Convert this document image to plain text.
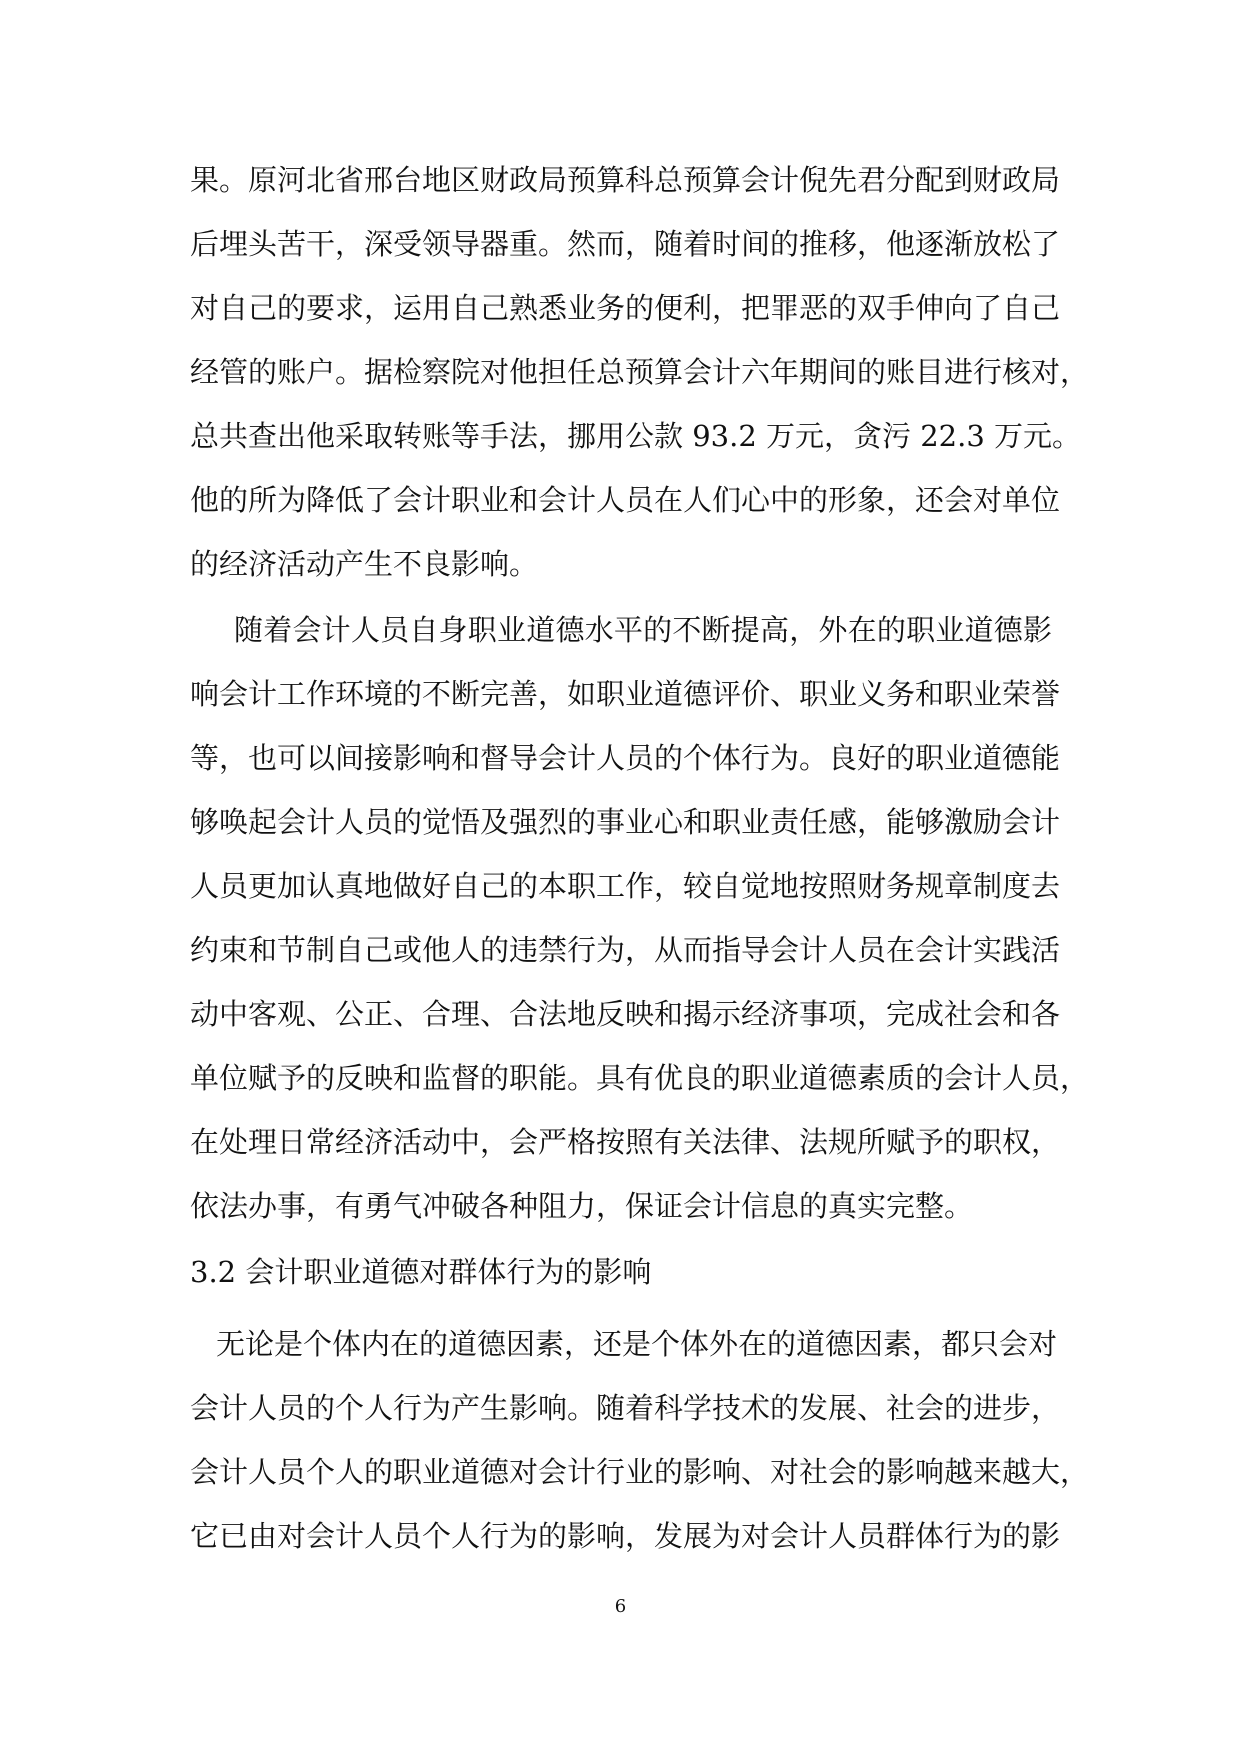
果。原河北省邢台地区财政局预算科总预算会计倪先君分配到财政局
后埋头苦干，深受领导器重。然而，随着时间的推移，他逐渐放松了
对自己的要求，运用自己熟悉业务的便利，把罪恶的双手伸向了自己
经管的账户。据检察院对他担任总预算会计六年期间的账目进行核对，
总共查出他采取转账等手法，挪用公款 93.2 万元，贪污 22.3 万元。
他的所为降低了会计职业和会计人员在人们心中的形象，还会对单位
的经济活动产生不良影响。
随着会计人员自身职业道德水平的不断提高，外在的职业道德影
响会计工作环境的不断完善，如职业道德评价、职业义务和职业荣誉
等，也可以间接影响和督导会计人员的个体行为。良好的职业道德能
够唤起会计人员的觉悟及强烈的事业心和职业责任感，能够激励会计
人员更加认真地做好自己的本职工作，较自觉地按照财务规章制度去
约束和节制自己或他人的违禁行为，从而指导会计人员在会计实践活
动中客观、公正、合理、合法地反映和揭示经济事项，完成社会和各
单位赋予的反映和监督的职能。具有优良的职业道德素质的会计人员，
在处理日常经济活动中，会严格按照有关法律、法规所赋予的职权，
依法办事，有勇气冲破各种阻力，保证会计信息的真实完整。
3.2 会计职业道德对群体行为的影响
无论是个体内在的道德因素，还是个体外在的道德因素，都只会对
会计人员的个人行为产生影响。随着科学技术的发展、社会的进步，
会计人员个人的职业道德对会计行业的影响、对社会的影响越来越大，
它已由对会计人员个人行为的影响，发展为对会计人员群体行为的影
6
